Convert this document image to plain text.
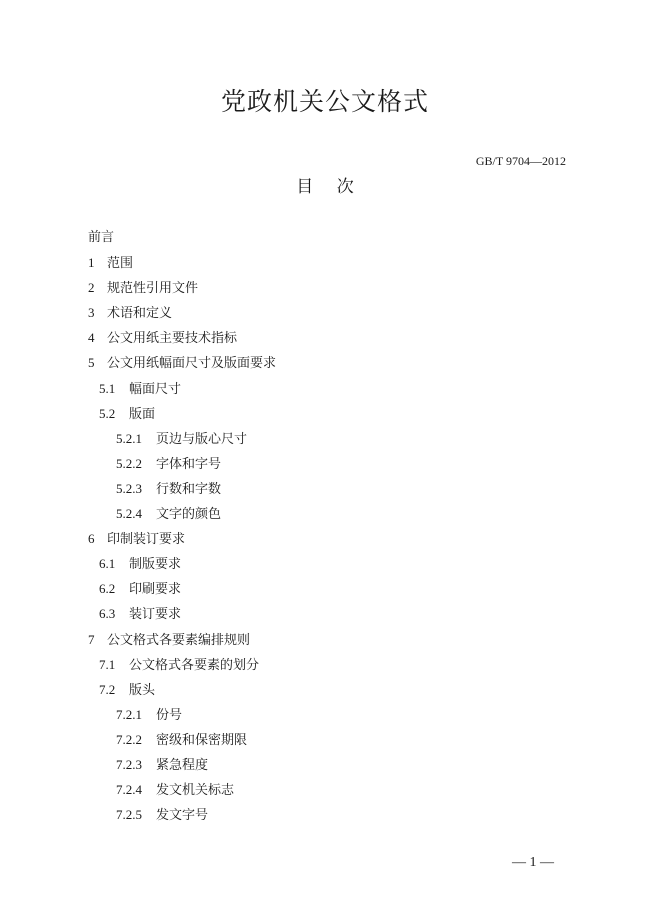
党政机关公文格式
GB/T 9704—2012
目 次
前言
1 范围
2 规范性引用文件
3 术语和定义
4 公文用纸主要技术指标
5 公文用纸幅面尺寸及版面要求
5.1 幅面尺寸
5.2 版面
5.2.1 页边与版心尺寸
5.2.2 字体和字号
5.2.3 行数和字数
5.2.4 文字的颜色
6 印制装订要求
6.1 制版要求
6.2 印刷要求
6.3 装订要求
7 公文格式各要素编排规则
7.1 公文格式各要素的划分
7.2 版头
7.2.1 份号
7.2.2 密级和保密期限
7.2.3 紧急程度
7.2.4 发文机关标志
7.2.5 发文字号
— 1 —
